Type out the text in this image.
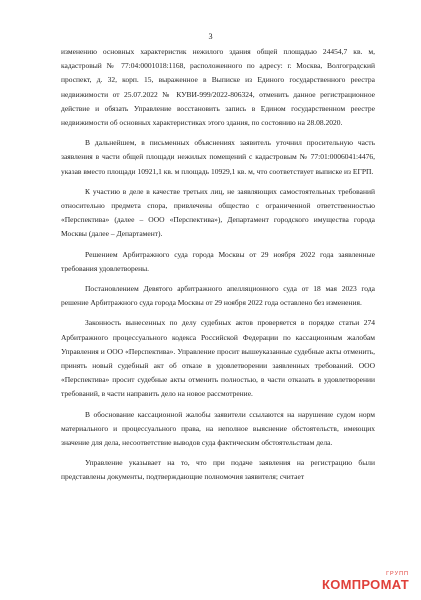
3

изменению основных характеристик нежилого здания общей площадью 24454,7 кв. м, кадастровый № 77:04:0001018:1168, расположенного по адресу: г. Москва, Волгоградский проспект, д. 32, корп. 15, выраженное в Выписке из Единого государственного реестра недвижимости от 25.07.2022 № КУВИ-999/2022-806324, отменить данное регистрационное действие и обязать Управление восстановить запись в Едином государственном реестре недвижимости об основных характеристиках этого здания, по состоянию на 28.08.2020.

В дальнейшем, в письменных объяснениях заявитель уточнил просительную часть заявления в части общей площади нежилых помещений с кадастровым № 77:01:0006041:4476, указав вместо площади 10921,1 кв. м площадь 10929,1 кв. м, что соответствует выписке из ЕГРП.

К участию в деле в качестве третьих лиц, не заявляющих самостоятельных требований относительно предмета спора, привлечены общество с ограниченной ответственностью «Перспектива» (далее – ООО «Перспектива»), Департамент городского имущества города Москвы (далее – Департамент).

Решением Арбитражного суда города Москвы от 29 ноября 2022 года заявленные требования удовлетворены.

Постановлением Девятого арбитражного апелляционного суда от 18 мая 2023 года решение Арбитражного суда города Москвы от 29 ноября 2022 года оставлено без изменения.

Законность вынесенных по делу судебных актов проверяется в порядке статьи 274 Арбитражного процессуального кодекса Российской Федерации по кассационным жалобам Управления и ООО «Перспектива». Управление просит вышеуказанные судебные акты отменить, принять новый судебный акт об отказе в удовлетворении заявленных требований. ООО «Перспектива» просит судебные акты отменить полностью, в части отказать в удовлетворении требований, в части направить дело на новое рассмотрение.

В обоснование кассационной жалобы заявители ссылаются на нарушение судом норм материального и процессуального права, на неполное выяснение обстоятельств, имеющих значение для дела, несоответствие выводов суда фактическим обстоятельствам дела.

Управление указывает на то, что при подаче заявления на регистрацию были представлены документы, подтверждающие полномочия заявителя; считает

ГРУПП
КОМПРОМАТ
